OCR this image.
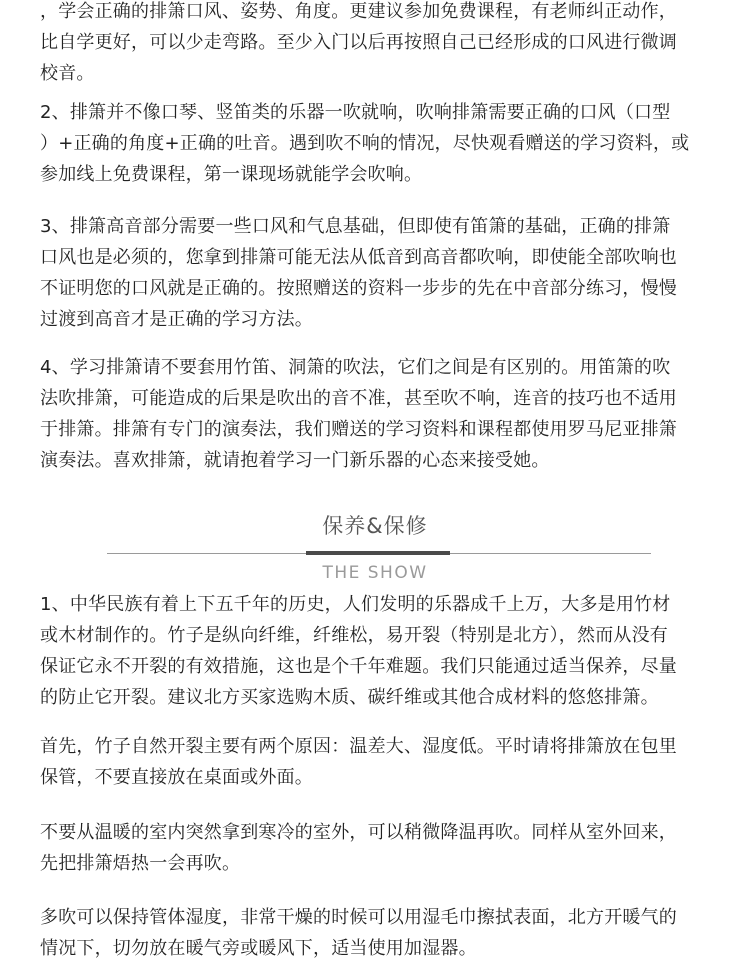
，学会正确的排箫口风、姿势、角度。更建议参加免费课程，有老师纠正动作，
比自学更好，可以少走弯路。至少入门以后再按照自己已经形成的口风进行微调
校音。
2、排箫并不像口琴、竖笛类的乐器一吹就响，吹响排箫需要正确的口风（口型
）+正确的角度+正确的吐音。遇到吹不响的情况，尽快观看赠送的学习资料，或
参加线上免费课程，第一课现场就能学会吹响。
3、排箫高音部分需要一些口风和气息基础，但即使有笛箫的基础，正确的排箫
口风也是必须的，您拿到排箫可能无法从低音到高音都吹响，即使能全部吹响也
不证明您的口风就是正确的。按照赠送的资料一步步的先在中音部分练习，慢慢
过渡到高音才是正确的学习方法。
4、学习排箫请不要套用竹笛、洞箫的吹法，它们之间是有区别的。用笛箫的吹
法吹排箫，可能造成的后果是吹出的音不准，甚至吹不响，连音的技巧也不适用
于排箫。排箫有专门的演奏法，我们赠送的学习资料和课程都使用罗马尼亚排箫
演奏法。喜欢排箫，就请抱着学习一门新乐器的心态来接受她。
保养&保修
THE SHOW
1、中华民族有着上下五千年的历史，人们发明的乐器成千上万，大多是用竹材
或木材制作的。竹子是纵向纤维，纤维松，易开裂（特别是北方），然而从没有
保证它永不开裂的有效措施，这也是个千年难题。我们只能通过适当保养，尽量
的防止它开裂。建议北方买家选购木质、碳纤维或其他合成材料的悠悠排箫。
首先，竹子自然开裂主要有两个原因：温差大、湿度低。平时请将排箫放在包里
保管，不要直接放在桌面或外面。
不要从温暖的室内突然拿到寒冷的室外，可以稍微降温再吹。同样从室外回来，
先把排箫焐热一会再吹。
多吹可以保持管体湿度，非常干燥的时候可以用湿毛巾擦拭表面，北方开暖气的
情况下，切勿放在暖气旁或暖风下，适当使用加湿器。
